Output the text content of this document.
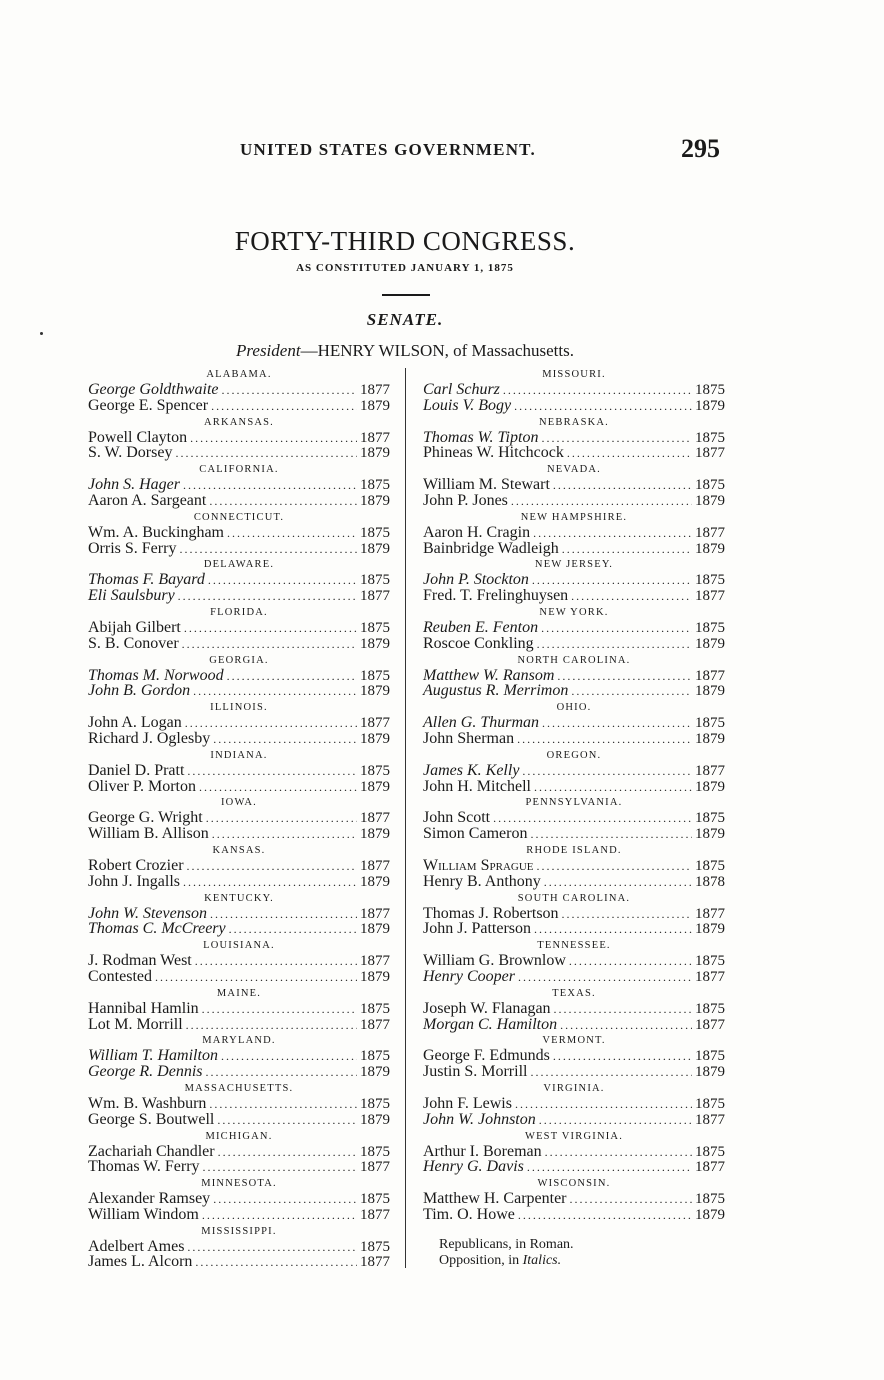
UNITED STATES GOVERNMENT.	295
FORTY-THIRD CONGRESS.
AS CONSTITUTED JANUARY 1, 1875
SENATE.
President—HENRY WILSON, of Massachusetts.
ALABAMA.
George Goldthwaite .....	1877
George E. Spencer .....	1879
ARKANSAS.
Powell Clayton .....	1877
S. W. Dorsey .....	1879
CALIFORNIA.
John S. Hager .....	1875
Aaron A. Sargeant .....	1879
CONNECTICUT.
Wm. A. Buckingham .....	1875
Orris S. Ferry .....	1879
DELAWARE.
Thomas F. Bayard .....	1875
Eli Saulsbury .....	1877
FLORIDA.
Abijah Gilbert .....	1875
S. B. Conover .....	1879
GEORGIA.
Thomas M. Norwood .....	1875
John B. Gordon .....	1879
ILLINOIS.
John A. Logan .....	1877
Richard J. Oglesby .....	1879
INDIANA.
Daniel D. Pratt .....	1875
Oliver P. Morton .....	1879
IOWA.
George G. Wright .....	1877
William B. Allison .....	1879
KANSAS.
Robert Crozier .....	1877
John J. Ingalls .....	1879
KENTUCKY.
John W. Stevenson .....	1877
Thomas C. McCreery .....	1879
LOUISIANA.
J. Rodman West .....	1877
Contested .....	1879
MAINE.
Hannibal Hamlin .....	1875
Lot M. Morrill .....	1877
MARYLAND.
William T. Hamilton .....	1875
George R. Dennis .....	1879
MASSACHUSETTS.
Wm. B. Washburn .....	1875
George S. Boutwell .....	1879
MICHIGAN.
Zachariah Chandler .....	1875
Thomas W. Ferry .....	1877
MINNESOTA.
Alexander Ramsey .....	1875
William Windom .....	1877
MISSISSIPPI.
Adelbert Ames .....	1875
James L. Alcorn .....	1877
MISSOURI.
Carl Schurz .....	1875
Louis V. Bogy .....	1879
NEBRASKA.
Thomas W. Tipton .....	1875
Phineas W. Hitchcock .....	1877
NEVADA.
William M. Stewart .....	1875
John P. Jones .....	1879
NEW HAMPSHIRE.
Aaron H. Cragin .....	1877
Bainbridge Wadleigh .....	1879
NEW JERSEY.
John P. Stockton .....	1875
Fred. T. Frelinghuysen .....	1877
NEW YORK.
Reuben E. Fenton .....	1875
Roscoe Conkling .....	1879
NORTH CAROLINA.
Matthew W. Ransom .....	1877
Augustus R. Merrimon .....	1879
OHIO.
Allen G. Thurman .....	1875
John Sherman .....	1879
OREGON.
James K. Kelly .....	1877
John H. Mitchell .....	1879
PENNSYLVANIA.
John Scott .....	1875
Simon Cameron .....	1879
RHODE ISLAND.
William Sprague .....	1875
Henry B. Anthony .....	1878
SOUTH CAROLINA.
Thomas J. Robertson .....	1877
John J. Patterson .....	1879
TENNESSEE.
William G. Brownlow .....	1875
Henry Cooper .....	1877
TEXAS.
Joseph W. Flanagan .....	1875
Morgan C. Hamilton .....	1877
VERMONT.
George F. Edmunds .....	1875
Justin S. Morrill .....	1879
VIRGINIA.
John F. Lewis .....	1875
John W. Johnston .....	1877
WEST VIRGINIA.
Arthur I. Boreman .....	1875
Henry G. Davis .....	1877
WISCONSIN.
Matthew H. Carpenter .....	1875
Tim. O. Howe .....	1879
Republicans, in Roman.
Opposition, in Italics.
